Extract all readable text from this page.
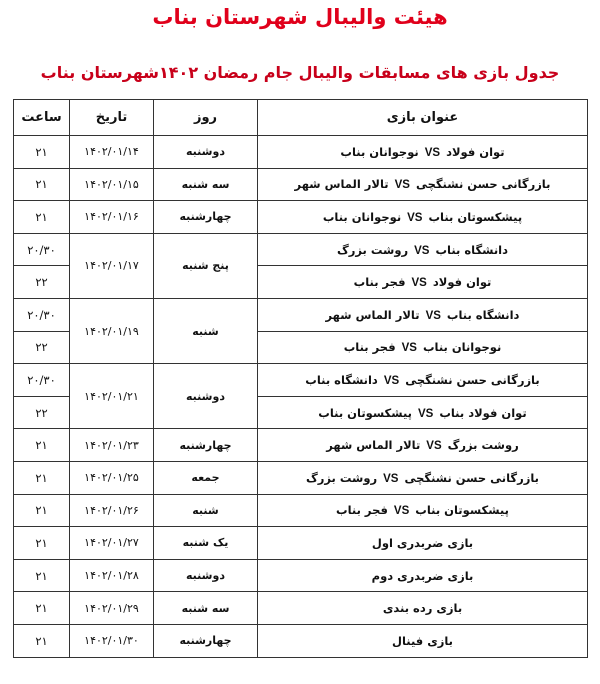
هیئت والیبال شهرستان بناب
جدول بازی های مسابقات والیبال جام رمضان ۱۴۰۲شهرستان بناب
عنوان بازی	روز	تاریخ	ساعت
توان فولادVSنوجوانان بناب	دوشنبه	۱۴۰۲/۰۱/۱۴	۲۱
بازرگانی حسن نشنگچیVSتالار الماس شهر	سه شنبه	۱۴۰۲/۰۱/۱۵	۲۱
پیشکسوتان بنابVSنوجوانان بناب	چهارشنبه	۱۴۰۲/۰۱/۱۶	۲۱
دانشگاه بنابVSروشت بزرگ	پنج شنبه	۱۴۰۲/۰۱/۱۷	۲۰/۳۰
توان فولادVSفجر بناب			۲۲
دانشگاه بنابVSتالار الماس شهر	شنبه	۱۴۰۲/۰۱/۱۹	۲۰/۳۰
نوجوانان بنابVSفجر بناب			۲۲
بازرگانی حسن نشنگچیVSدانشگاه بناب	دوشنبه	۱۴۰۲/۰۱/۲۱	۲۰/۳۰
توان فولاد بنابVSپیشکسوتان بناب			۲۲
روشت بزرگVSتالار الماس شهر	چهارشنبه	۱۴۰۲/۰۱/۲۳	۲۱
بازرگانی حسن نشنگچیVSروشت بزرگ	جمعه	۱۴۰۲/۰۱/۲۵	۲۱
پیشکسوتان بنابVSفجر بناب	شنبه	۱۴۰۲/۰۱/۲۶	۲۱
بازی ضربدری اول	یک شنبه	۱۴۰۲/۰۱/۲۷	۲۱
بازی ضربدری دوم	دوشنبه	۱۴۰۲/۰۱/۲۸	۲۱
بازی رده بندی	سه شنبه	۱۴۰۲/۰۱/۲۹	۲۱
بازی فینال	چهارشنبه	۱۴۰۲/۰۱/۳۰	۲۱
